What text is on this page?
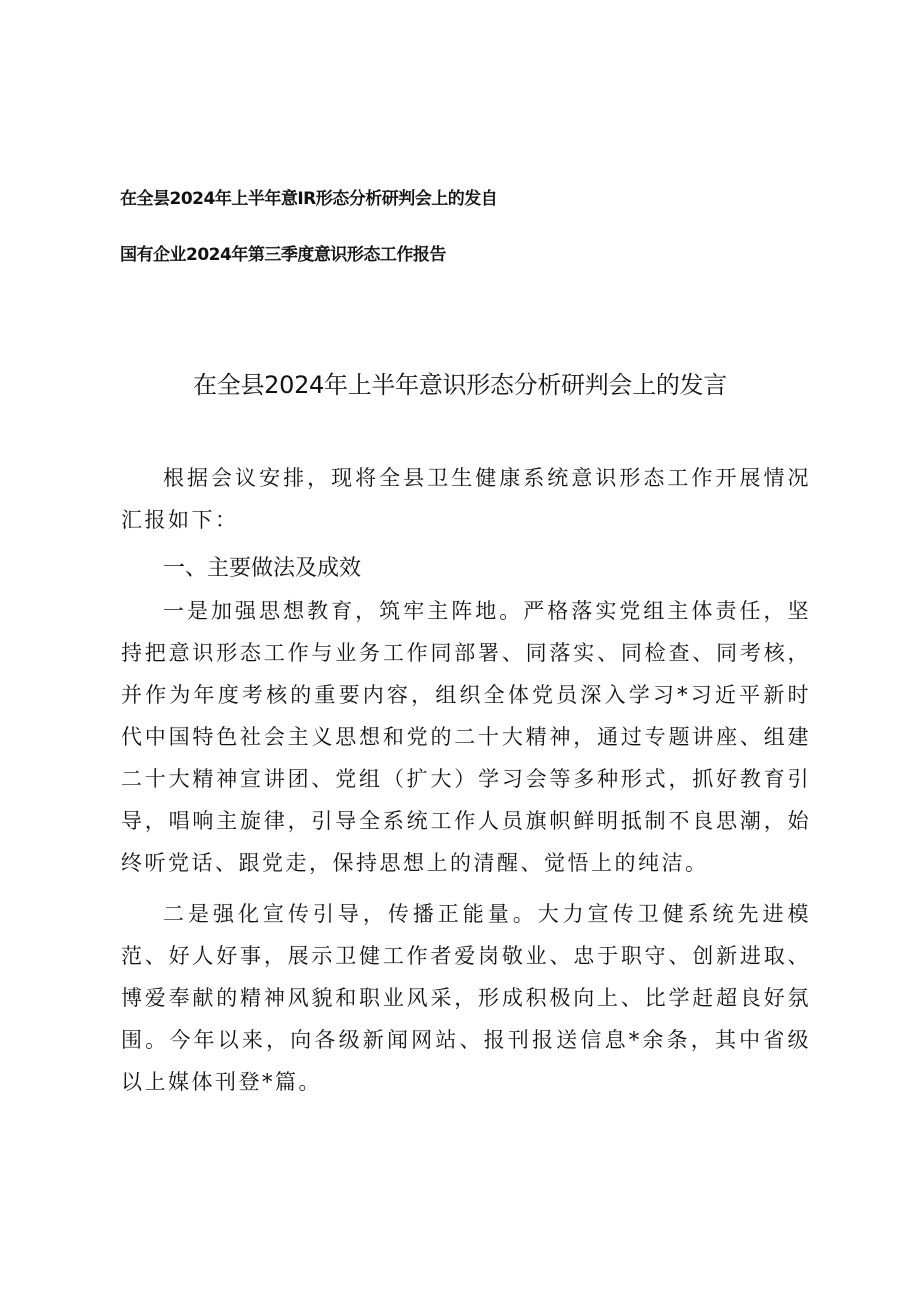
在全昙2024年上半年意IR形态分析研判会上的发自
国有企业2024年第三季度意识形态工作报告
在全县2024年上半年意识形态分析研判会上的发言

根据会议安排，现将全县卫生健康系统意识形态工作开展情况汇报如下：

一、主要做法及成效

一是加强思想教育，筑牢主阵地。严格落实党组主体责任，坚持把意识形态工作与业务工作同部署、同落实、同检查、同考核，并作为年度考核的重要内容，组织全体党员深入学习*习近平新时代中国特色社会主义思想和党的二十大精神，通过专题讲座、组建二十大精神宣讲团、党组（扩大）学习会等多种形式，抓好教育引导，唱响主旋律，引导全系统工作人员旗帜鲜明抵制不良思潮，始终听党话、跟党走，保持思想上的清醒、觉悟上的纯洁。

二是强化宣传引导，传播正能量。大力宣传卫健系统先进模范、好人好事，展示卫健工作者爱岗敬业、忠于职守、创新进取、博爱奉献的精神风貌和职业风采，形成积极向上、比学赶超良好氛围。今年以来，向各级新闻网站、报刊报送信息*余条，其中省级以上媒体刊登*篇。
